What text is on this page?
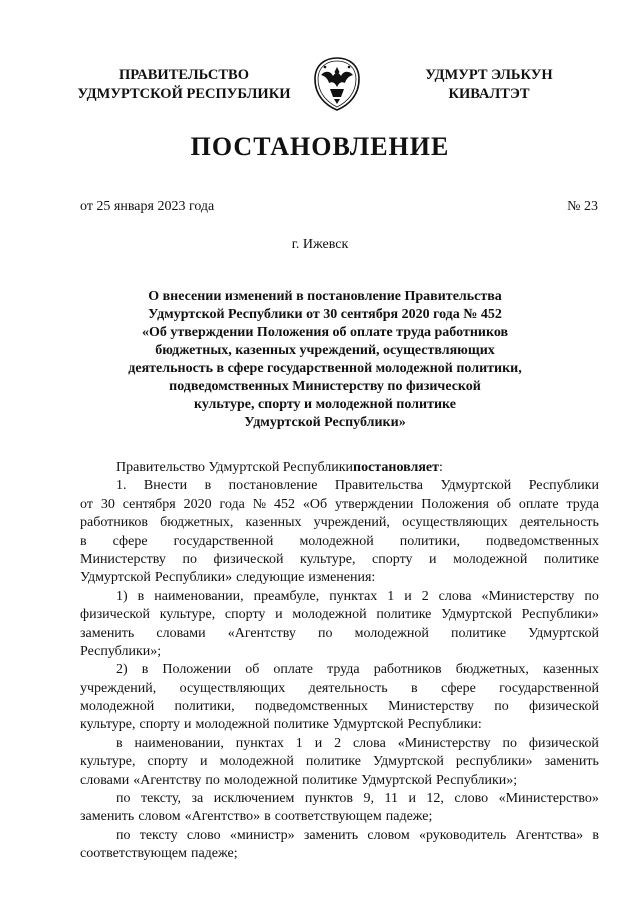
ПРАВИТЕЛЬСТВО
УДМУРТСКОЙ РЕСПУБЛИКИ
УДМУРТ ЭЛЬКУН
КИВАЛТЭТ
ПОСТАНОВЛЕНИЕ
от 25 января 2023 года	№ 23
г. Ижевск
О внесении изменений в постановление Правительства
Удмуртской Республики от 30 сентября 2020 года № 452
«Об утверждении Положения об оплате труда работников
бюджетных, казенных учреждений, осуществляющих
деятельность в сфере государственной молодежной политики,
подведомственных Министерству по физической
культуре, спорту и молодежной политике
Удмуртской Республики»
Правительство Удмуртской Республики постановляет :
1. Внести в постановление Правительства Удмуртской Республики
от 30 сентября 2020 года № 452 «Об утверждении Положения об оплате труда
работников бюджетных, казенных учреждений, осуществляющих деятельность
в сфере государственной молодежной политики, подведомственных
Министерству по физической культуре, спорту и молодежной политике
Удмуртской Республики» следующие изменения:
1) в наименовании, преамбуле, пунктах 1 и 2 слова «Министерству по
физической культуре, спорту и молодежной политике Удмуртской Республики»
заменить словами «Агентству по молодежной политике Удмуртской
Республики»;
2) в Положении об оплате труда работников бюджетных, казенных
учреждений, осуществляющих деятельность в сфере государственной
молодежной политики, подведомственных Министерству по физической
культуре, спорту и молодежной политике Удмуртской Республики:
в наименовании, пунктах 1 и 2 слова «Министерству по физической
культуре, спорту и молодежной политике Удмуртской республики» заменить
словами «Агентству по молодежной политике Удмуртской Республики»;
по тексту, за исключением пунктов 9, 11 и 12, слово «Министерство»
заменить словом «Агентство» в соответствующем падеже;
по тексту слово «министр» заменить словом «руководитель Агентства» в
соответствующем падеже;
